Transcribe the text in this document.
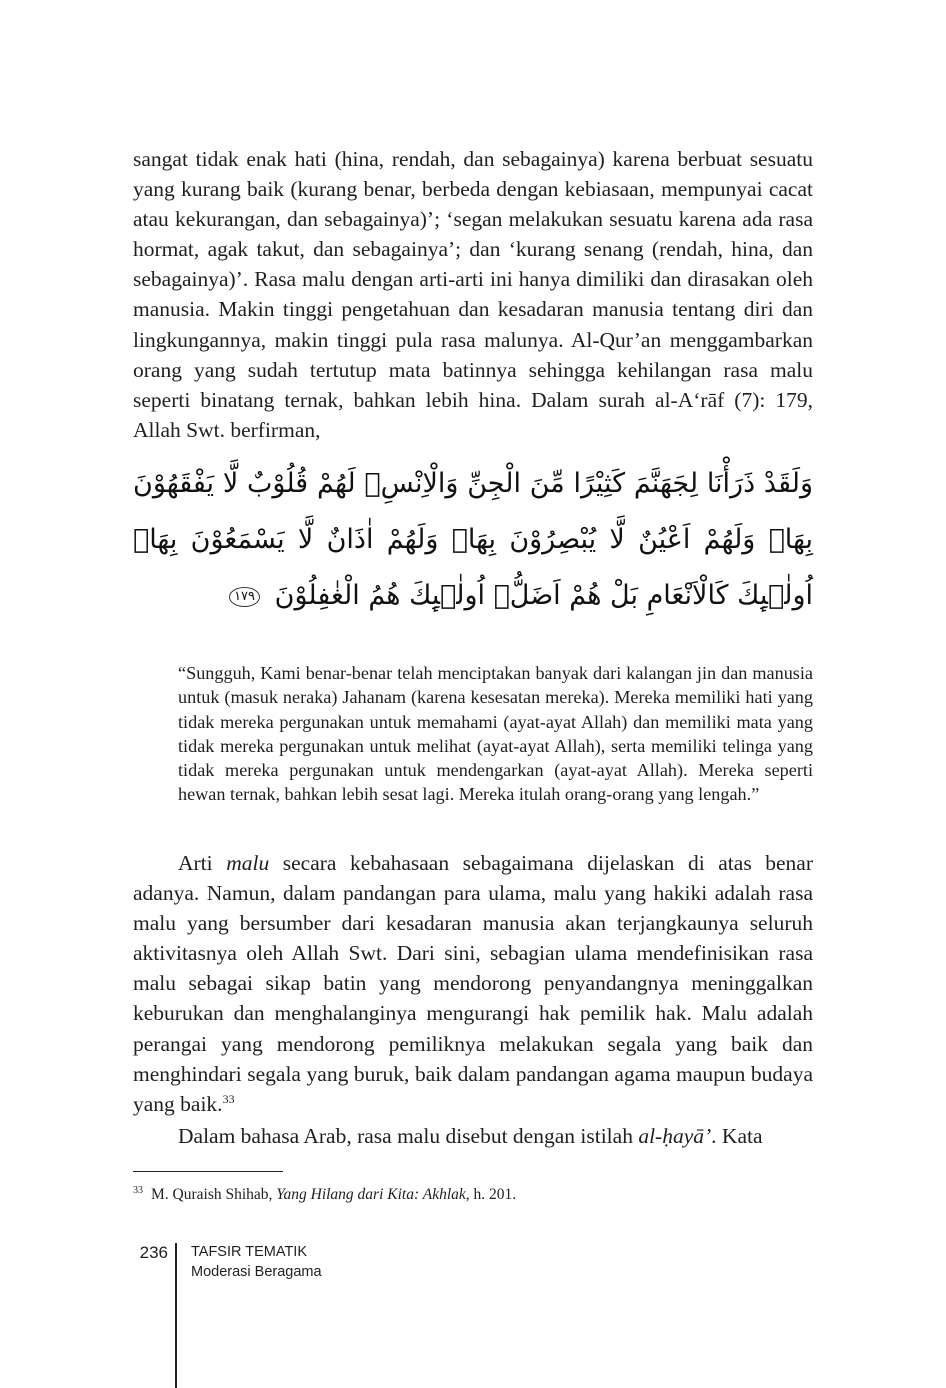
sangat tidak enak hati (hina, rendah, dan sebagainya) karena berbuat sesuatu yang kurang baik (kurang benar, berbeda dengan kebiasaan, mempunyai cacat atau kekurangan, dan sebagainya)’; ‘segan melakukan sesuatu karena ada rasa hormat, agak takut, dan sebagainya’; dan ‘kurang senang (rendah, hina, dan sebagainya)’. Rasa malu dengan arti-arti ini hanya dimiliki dan dirasakan oleh manusia. Makin tinggi pengetahuan dan kesadaran manusia tentang diri dan lingkungannya, makin tinggi pula rasa malunya. Al-Qur’an menggambarkan orang yang sudah tertutup mata batinnya sehingga kehilangan rasa malu seperti binatang ternak, bahkan lebih hina. Dalam surah al-A‘rāf (7): 179, Allah Swt. berfirman,

وَلَقَدْ ذَرَأْنَا لِجَهَنَّمَ كَثِيْرًا مِّنَ الْجِنِّ وَالْاِنْسِۖ لَهُمْ قُلُوْبٌ لَّا يَفْقَهُوْنَ بِهَاۖ وَلَهُمْ اَعْيُنٌ لَّا يُبْصِرُوْنَ بِهَاۖ وَلَهُمْ اٰذَانٌ لَّا يَسْمَعُوْنَ بِهَاۗ اُولٰۤىِٕكَ كَالْاَنْعَامِ بَلْ هُمْ اَضَلُّۗ اُولٰۤىِٕكَ هُمُ الْغٰفِلُوْنَ ١٧٩

“Sungguh, Kami benar-benar telah menciptakan banyak dari kalangan jin dan manusia untuk (masuk neraka) Jahanam (karena kesesatan mereka). Mereka memiliki hati yang tidak mereka pergunakan untuk memahami (ayat-ayat Allah) dan memiliki mata yang tidak mereka pergunakan untuk melihat (ayat-ayat Allah), serta memiliki telinga yang tidak mereka pergunakan untuk mendengarkan (ayat-ayat Allah). Mereka seperti hewan ternak, bahkan lebih sesat lagi. Mereka itulah orang-orang yang lengah.”

Arti malu secara kebahasaan sebagaimana dijelaskan di atas benar adanya. Namun, dalam pandangan para ulama, malu yang hakiki adalah rasa malu yang bersumber dari kesadaran manusia akan terjangkaunya seluruh aktivitasnya oleh Allah Swt. Dari sini, sebagian ulama mendefinisikan rasa malu sebagai sikap batin yang mendorong penyandangnya meninggalkan keburukan dan menghalanginya mengurangi hak pemilik hak. Malu adalah perangai yang mendorong pemiliknya melakukan segala yang baik dan menghindari segala yang buruk, baik dalam pandangan agama maupun budaya yang baik.$^{33}$

Dalam bahasa Arab, rasa malu disebut dengan istilah al-ḥayā’. Kata

$^{33}$ M. Quraish Shihab, Yang Hilang dari Kita: Akhlak, h. 201.

236 TAFSIR TEMATIK
Moderasi Beragama
